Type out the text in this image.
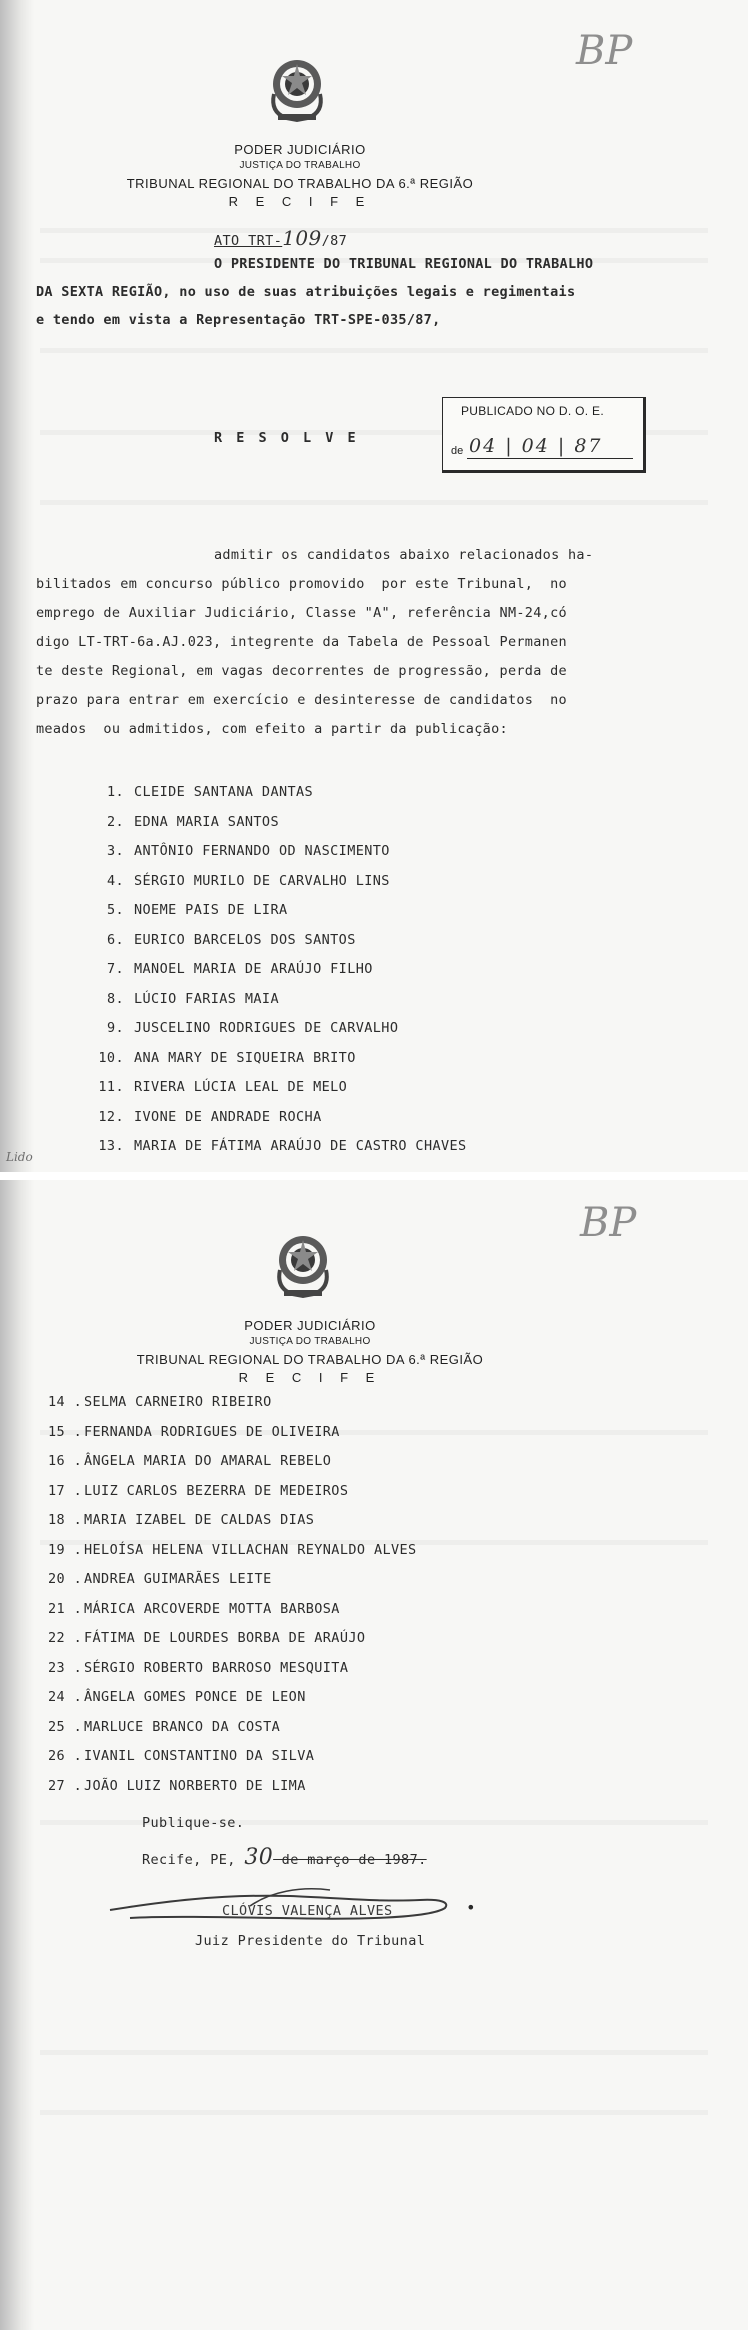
BP
PODER JUDICIÁRIO
JUSTIÇA DO TRABALHO
TRIBUNAL REGIONAL DO TRABALHO DA 6.ª REGIÃO
R E C I F E
ATO TRT-109/87
O PRESIDENTE DO TRIBUNAL REGIONAL DO TRABALHO
DA SEXTA REGIÃO, no uso de suas atribuições legais e regimentais
e tendo em vista a Representação TRT-SPE-035/87,
PUBLICADO NO D. O. E.
de 04 | 04 | 87
R E S O L V E
admitir os candidatos abaixo relacionados ha-
bilitados em concurso público promovido  por este Tribunal,  no
emprego de Auxiliar Judiciário, Classe "A", referência NM-24,có
digo LT-TRT-6a.AJ.023, integrente da Tabela de Pessoal Permanen
te deste Regional, em vagas decorrentes de progressão, perda de
prazo para entrar em exercício e desinteresse de candidatos  no
meados  ou admitidos, com efeito a partir da publicação:
1. CLEIDE SANTANA DANTAS
2. EDNA MARIA SANTOS
3. ANTÔNIO FERNANDO OD NASCIMENTO
4. SÉRGIO MURILO DE CARVALHO LINS
5. NOEME PAIS DE LIRA
6. EURICO BARCELOS DOS SANTOS
7. MANOEL MARIA DE ARAÚJO FILHO
8. LÚCIO FARIAS MAIA
9. JUSCELINO RODRIGUES DE CARVALHO
10. ANA MARY DE SIQUEIRA BRITO
11. RIVERA LÚCIA LEAL DE MELO
12. IVONE DE ANDRADE ROCHA
13. MARIA DE FÁTIMA ARAÚJO DE CASTRO CHAVES
Lido
BP
PODER JUDICIÁRIO
JUSTIÇA DO TRABALHO
TRIBUNAL REGIONAL DO TRABALHO DA 6.ª REGIÃO
R E C I F E
14 . SELMA CARNEIRO RIBEIRO
15 . FERNANDA RODRIGUES DE OLIVEIRA
16 . ÂNGELA MARIA DO AMARAL REBELO
17 . LUIZ CARLOS BEZERRA DE MEDEIROS
18 . MARIA IZABEL DE CALDAS DIAS
19 . HELOÍSA HELENA VILLACHAN REYNALDO ALVES
20 . ANDREA GUIMARÃES LEITE
21 . MÁRICA ARCOVERDE MOTTA BARBOSA
22 . FÁTIMA DE LOURDES BORBA DE ARAÚJO
23 . SÉRGIO ROBERTO BARROSO MESQUITA
24 . ÂNGELA GOMES PONCE DE LEON
25 . MARLUCE BRANCO DA COSTA
26 . IVANIL CONSTANTINO DA SILVA
27 . JOÃO LUIZ NORBERTO DE LIMA
Publique-se.
Recife, PE, 30 de março de 1987.
CLÓVIS VALENÇA ALVES	•
Juiz Presidente do Tribunal
